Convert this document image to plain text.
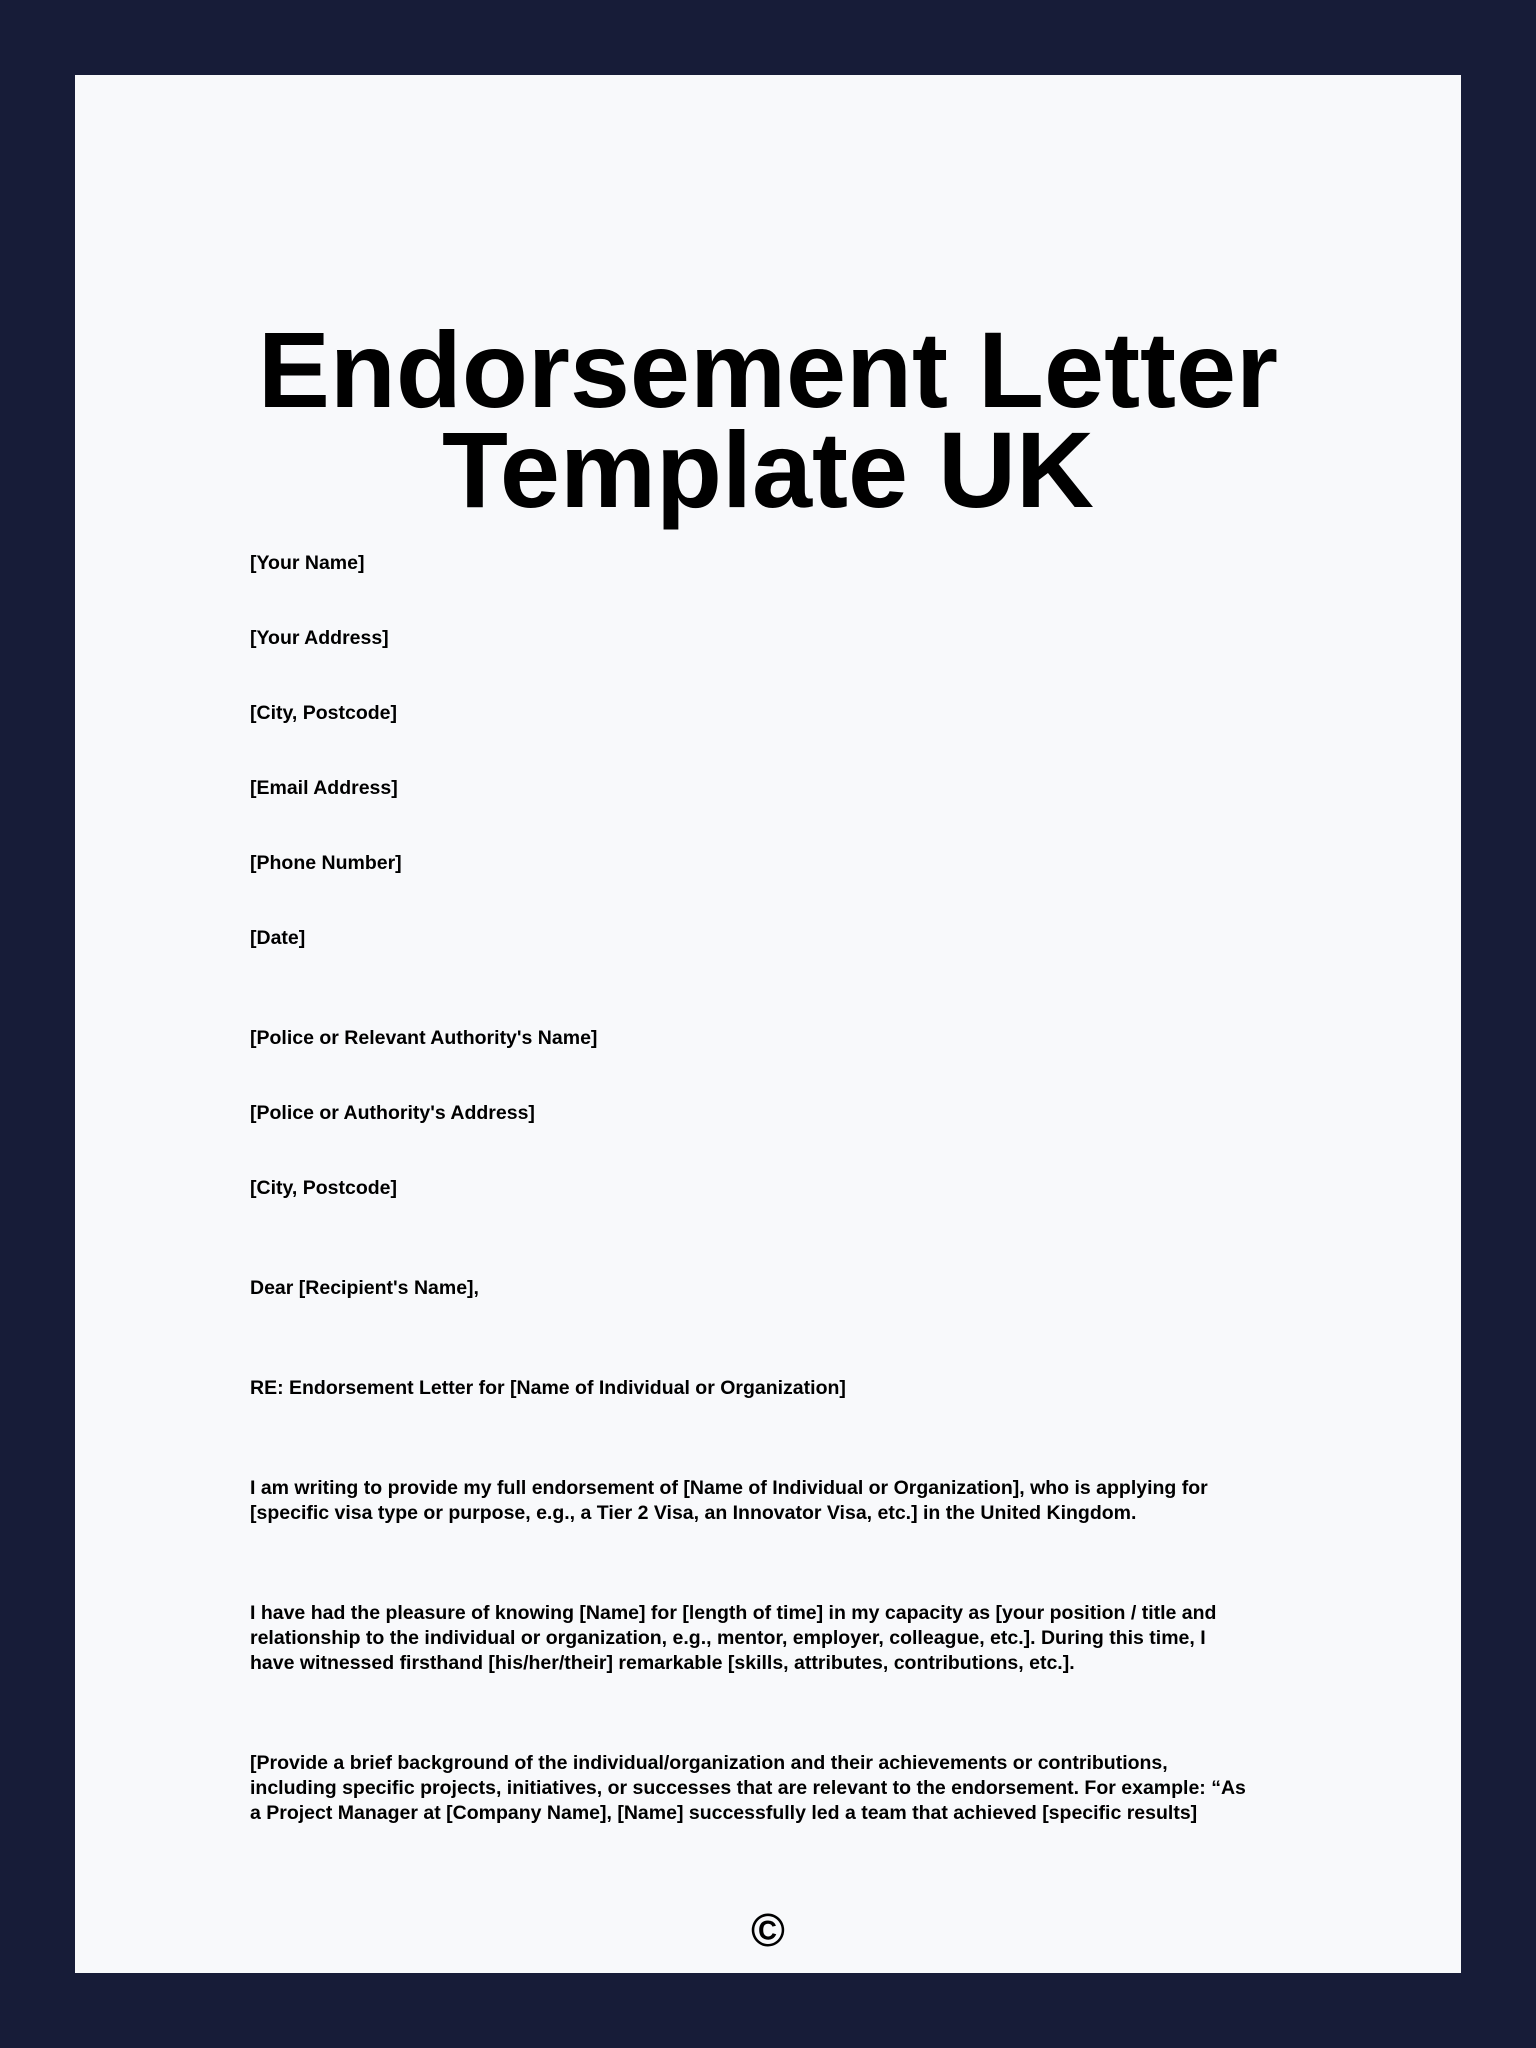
Endorsement Letter
Template UK

[Your Name]

[Your Address]

[City, Postcode]

[Email Address]

[Phone Number]

[Date]

[Police or Relevant Authority's Name]

[Police or Authority's Address]

[City, Postcode]

Dear [Recipient's Name],

RE: Endorsement Letter for [Name of Individual or Organization]

I am writing to provide my full endorsement of [Name of Individual or Organization], who is applying for
[specific visa type or purpose, e.g., a Tier 2 Visa, an Innovator Visa, etc.] in the United Kingdom.
I have had the pleasure of knowing [Name] for [length of time] in my capacity as [your position / title and
relationship to the individual or organization, e.g., mentor, employer, colleague, etc.]. During this time, I
have witnessed firsthand [his/her/their] remarkable [skills, attributes, contributions, etc.].
[Provide a brief background of the individual/organization and their achievements or contributions,
including specific projects, initiatives, or successes that are relevant to the endorsement. For example: “As
a Project Manager at [Company Name], [Name] successfully led a team that achieved [specific results]
©
